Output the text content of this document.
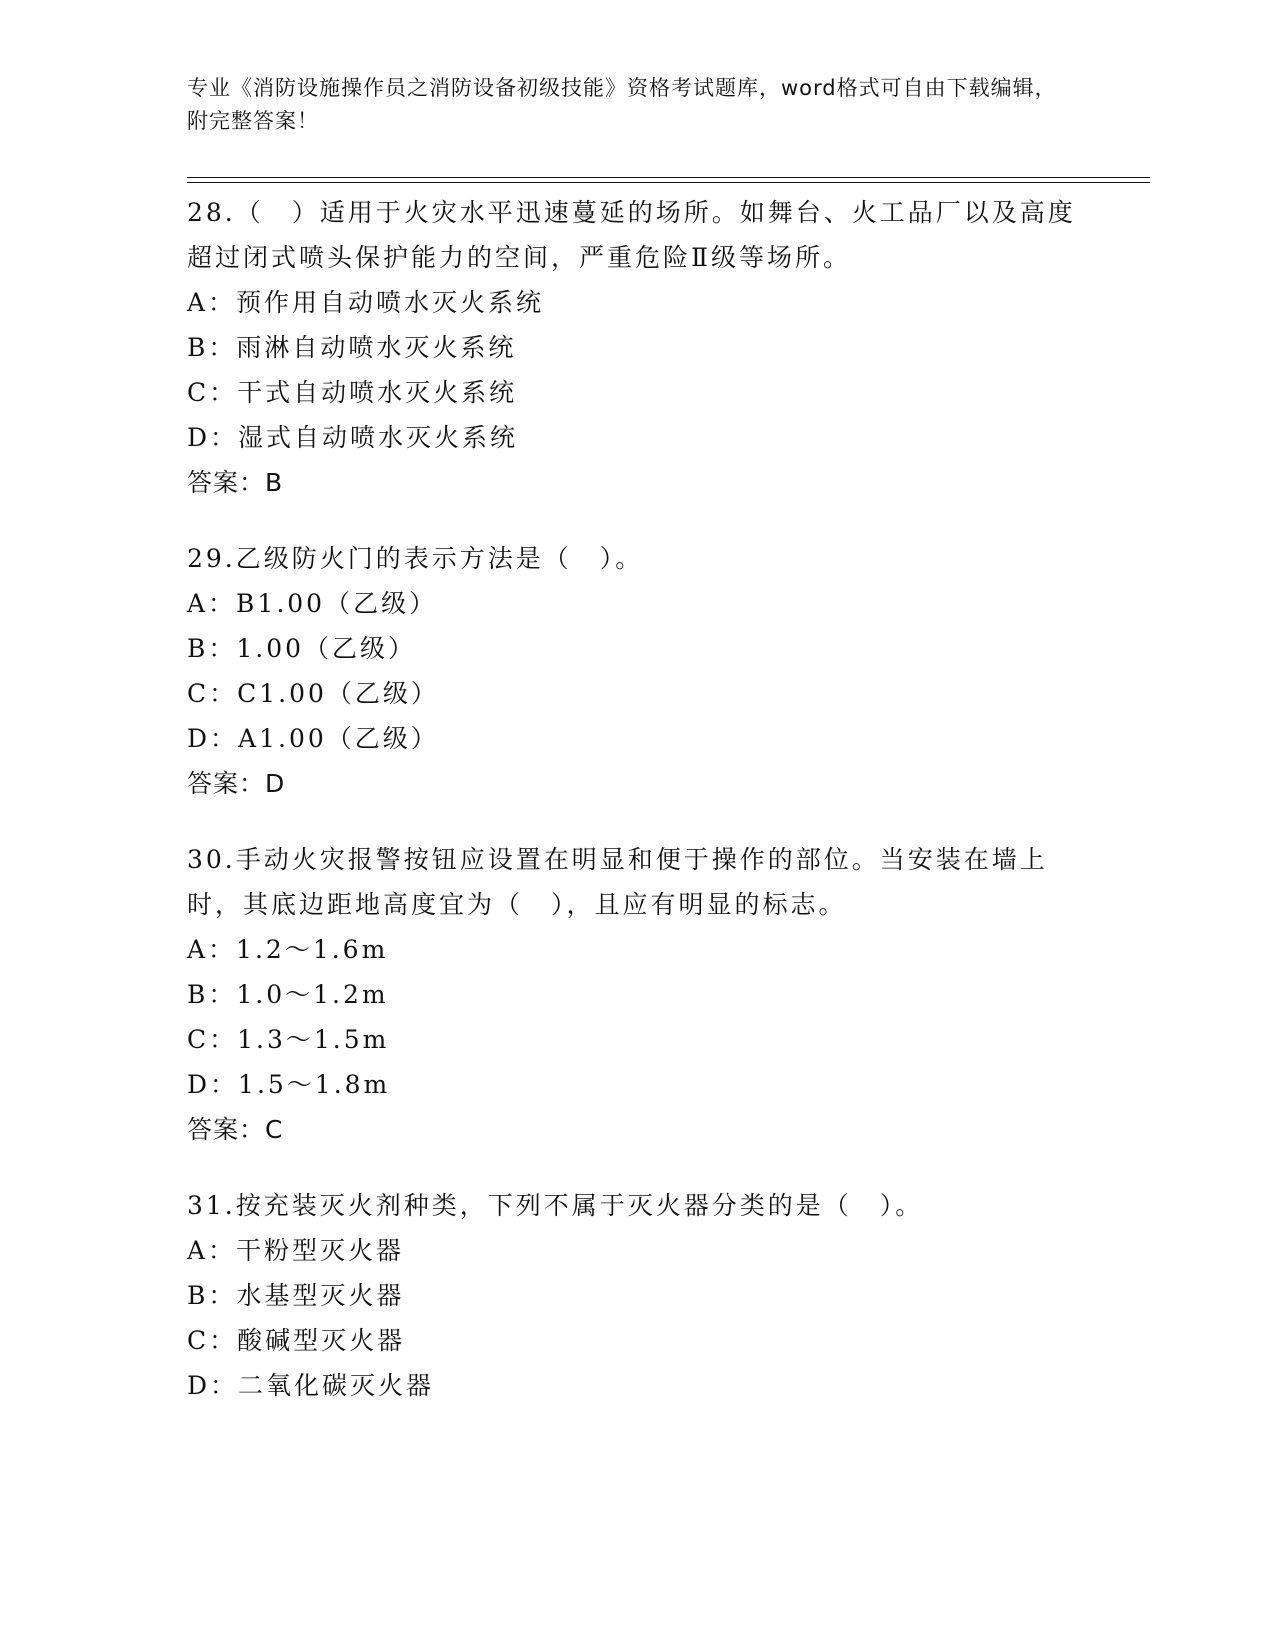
专业《消防设施操作员之消防设备初级技能》资格考试题库，word格式可自由下载编辑，附完整答案！

28.（　）适用于火灾水平迅速蔓延的场所。如舞台、火工品厂以及高度超过闭式喷头保护能力的空间，严重危险Ⅱ级等场所。

A：预作用自动喷水灭火系统

B：雨淋自动喷水灭火系统

C：干式自动喷水灭火系统

D：湿式自动喷水灭火系统

答案：B

29.乙级防火门的表示方法是（　）。

A：B1.00（乙级）

B：1.00（乙级）

C：C1.00（乙级）

D：A1.00（乙级）

答案：D

30.手动火灾报警按钮应设置在明显和便于操作的部位。当安装在墙上时，其底边距地高度宜为（　），且应有明显的标志。

A：1.2～1.6m

B：1.0～1.2m

C：1.3～1.5m

D：1.5～1.8m

答案：C

31.按充装灭火剂种类，下列不属于灭火器分类的是（　）。

A：干粉型灭火器

B：水基型灭火器

C：酸碱型灭火器

D：二氧化碳灭火器
